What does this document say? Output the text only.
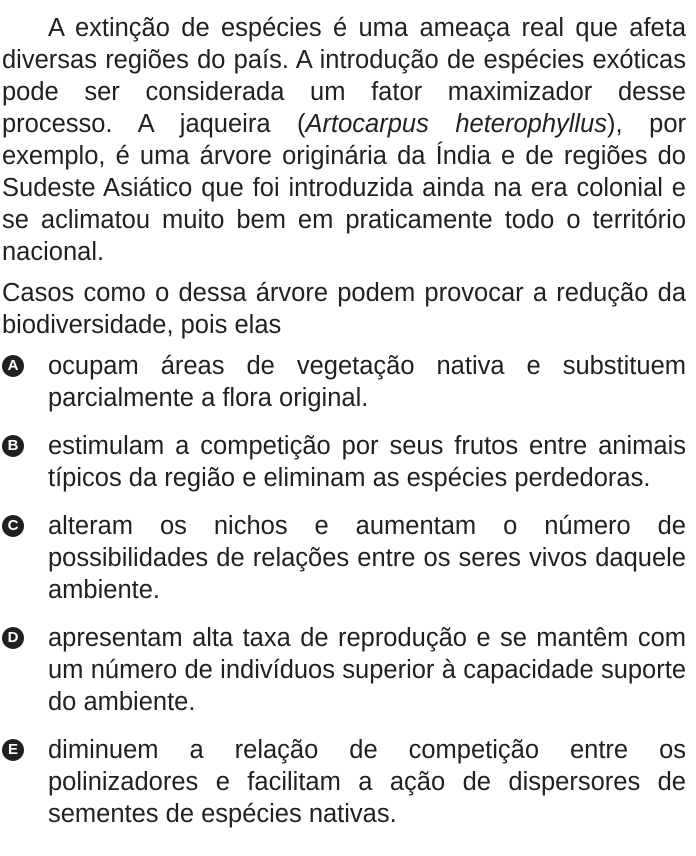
A extinção de espécies é uma ameaça real que afeta diversas regiões do país. A introdução de espécies exóticas pode ser considerada um fator maximizador desse processo. A jaqueira (Artocarpus heterophyllus), por exemplo, é uma árvore originária da Índia e de regiões do Sudeste Asiático que foi introduzida ainda na era colonial e se aclimatou muito bem em praticamente todo o território nacional.

Casos como o dessa árvore podem provocar a redução da biodiversidade, pois elas

A ocupam áreas de vegetação nativa e substituem parcialmente a flora original.
B estimulam a competição por seus frutos entre animais típicos da região e eliminam as espécies perdedoras.
C alteram os nichos e aumentam o número de possibilidades de relações entre os seres vivos daquele ambiente.
D apresentam alta taxa de reprodução e se mantêm com um número de indivíduos superior à capacidade suporte do ambiente.
E diminuem a relação de competição entre os polinizadores e facilitam a ação de dispersores de sementes de espécies nativas.
